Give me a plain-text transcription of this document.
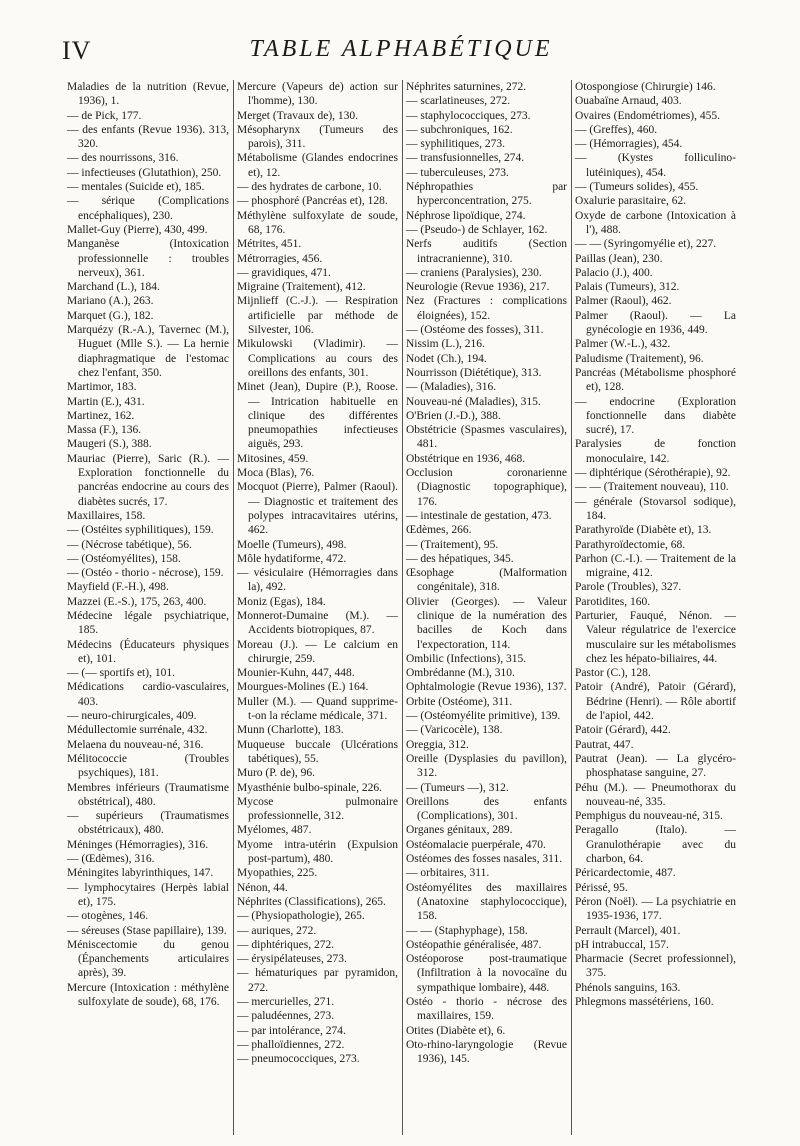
IV	TABLE ALPHABÉTIQUE

Maladies de la nutrition (Revue, 1936), 1.

— de Pick, 177.

— des enfants (Revue 1936). 313, 320.

— des nourrissons, 316.

— infectieuses (Glutathion), 250.

— mentales (Suicide et), 185.

— sérique (Complications encéphaliques), 230.

Mallet-Guy (Pierre), 430, 499.

Manganèse (Intoxication professionnelle : troubles nerveux), 361.

Marchand (L.), 184.

Mariano (A.), 263.

Marquet (G.), 182.

Marquézy (R.-A.), Tavernec (M.), Huguet (Mlle S.). — La hernie diaphragmatique de l'estomac chez l'enfant, 350.

Martimor, 183.

Martin (E.), 431.

Martinez, 162.

Massa (F.), 136.

Maugeri (S.), 388.

Mauriac (Pierre), Saric (R.). — Exploration fonctionnelle du pancréas endocrine au cours des diabètes sucrés, 17.

Maxillaires, 158.

— (Ostéites syphilitiques), 159.

— (Nécrose tabétique), 56.

— (Ostéomyélites), 158.

— (Ostéo - thorio - nécrose), 159.

Mayfield (F.-H.), 498.

Mazzei (E.-S.), 175, 263, 400.

Médecine légale psychiatrique, 185.

Médecins (Éducateurs physiques et), 101.

— (— sportifs et), 101.

Médications cardio-vasculaires, 403.

— neuro-chirurgicales, 409.

Médullectomie surrénale, 432.

Melaena du nouveau-né, 316.

Mélitococcie (Troubles psychiques), 181.

Membres inférieurs (Traumatisme obstétrical), 480.

— supérieurs (Traumatismes obstétricaux), 480.

Méninges (Hémorragies), 316.

— (Œdèmes), 316.

Méningites labyrinthiques, 147.

— lymphocytaires (Herpès labial et), 175.

— otogènes, 146.

— séreuses (Stase papillaire), 139.

Méniscectomie du genou (Épanchements articulaires après), 39.

Mercure (Intoxication : méthylène sulfoxylate de soude), 68, 176.

Mercure (Vapeurs de) action sur l'homme), 130.

Merget (Travaux de), 130.

Mésopharynx (Tumeurs des parois), 311.

Métabolisme (Glandes endocrines et), 12.

— des hydrates de carbone, 10.

— phosphoré (Pancréas et), 128.

Méthylène sulfoxylate de soude, 68, 176.

Métrites, 451.

Métrorragies, 456.

— gravidiques, 471.

Migraine (Traitement), 412.

Mijnlieff (C.-J.). — Respiration artificielle par méthode de Silvester, 106.

Mikulowski (Vladimir). — Complications au cours des oreillons des enfants, 301.

Minet (Jean), Dupire (P.), Roose. — Intrication habituelle en clinique des différentes pneumopathies infectieuses aiguës, 293.

Mitosines, 459.

Moca (Blas), 76.

Mocquot (Pierre), Palmer (Raoul). — Diagnostic et traitement des polypes intracavitaires utérins, 462.

Moelle (Tumeurs), 498.

Môle hydatiforme, 472.

— vésiculaire (Hémorragies dans la), 492.

Moniz (Egas), 184.

Monnerot-Dumaine (M.). — Accidents biotropiques, 87.

Moreau (J.). — Le calcium en chirurgie, 259.

Mounier-Kuhn, 447, 448.

Mourgues-Molines (E.) 164.

Muller (M.). — Quand supprime-t-on la réclame médicale, 371.

Munn (Charlotte), 183.

Muqueuse buccale (Ulcérations tabétiques), 55.

Muro (P. de), 96.

Myasthénie bulbo-spinale, 226.

Mycose pulmonaire professionnelle, 312.

Myélomes, 487.

Myome intra-utérin (Expulsion post-partum), 480.

Myopathies, 225.

Nénon, 44.

Néphrites (Classifications), 265.

— (Physiopathologie), 265.

— auriques, 272.

— diphtériques, 272.

— érysipélateuses, 273.

— hématuriques par pyramidon, 272.

— mercurielles, 271.

— paludéennes, 273.

— par intolérance, 274.

— phalloïdiennes, 272.

— pneumococciques, 273.

Néphrites saturnines, 272.

— scarlatineuses, 272.

— staphylococciques, 273.

— subchroniques, 162.

— syphilitiques, 273.

— transfusionnelles, 274.

— tuberculeuses, 273.

Néphropathies par hyperconcentration, 275.

Néphrose lipoïdique, 274.

— (Pseudo-) de Schlayer, 162.

Nerfs auditifs (Section intracranienne), 310.

— craniens (Paralysies), 230.

Neurologie (Revue 1936), 217.

Nez (Fractures : complications éloignées), 152.

— (Ostéome des fosses), 311.

Nissim (L.), 216.

Nodet (Ch.), 194.

Nourrisson (Diététique), 313.

— (Maladies), 316.

Nouveau-né (Maladies), 315.

O'Brien (J.-D.), 388.

Obstétricie (Spasmes vasculaires), 481.

Obstétrique en 1936, 468.

Occlusion coronarienne (Diagnostic topographique), 176.

— intestinale de gestation, 473.

Œdèmes, 266.

— (Traitement), 95.

— des hépatiques, 345.

Œsophage (Malformation congénitale), 318.

Olivier (Georges). — Valeur clinique de la numération des bacilles de Koch dans l'expectoration, 114.

Ombilic (Infections), 315.

Ombrédanne (M.), 310.

Ophtalmologie (Revue 1936), 137.

Orbite (Ostéome), 311.

— (Ostéomyélite primitive), 139.

— (Varicocèle), 138.

Oreggia, 312.

Oreille (Dysplasies du pavillon), 312.

— (Tumeurs —), 312.

Oreillons des enfants (Complications), 301.

Organes génitaux, 289.

Ostéomalacie puerpérale, 470.

Ostéomes des fosses nasales, 311.

— orbitaires, 311.

Ostéomyélites des maxillaires (Anatoxine staphylococcique), 158.

— — (Staphyphage), 158.

Ostéopathie généralisée, 487.

Ostéoporose post-traumatique (Infiltration à la novocaïne du sympathique lombaire), 448.

Ostéo - thorio - nécrose des maxillaires, 159.

Otites (Diabète et), 6.

Oto-rhino-laryngologie (Revue 1936), 145.

Otospongiose (Chirurgie) 146.

Ouabaïne Arnaud, 403.

Ovaires (Endométriomes), 455.

— (Greffes), 460.

— (Hémorragies), 454.

— (Kystes folliculino-lutéiniques), 454.

— (Tumeurs solides), 455.

Oxalurie parasitaire, 62.

Oxyde de carbone (Intoxication à l'), 488.

— — (Syringomyélie et), 227.

Paillas (Jean), 230.

Palacio (J.), 400.

Palais (Tumeurs), 312.

Palmer (Raoul), 462.

Palmer (Raoul). — La gynécologie en 1936, 449.

Palmer (W.-L.), 432.

Paludisme (Traitement), 96.

Pancréas (Métabolisme phosphoré et), 128.

— endocrine (Exploration fonctionnelle dans diabète sucré), 17.

Paralysies de fonction monoculaire, 142.

— diphtérique (Sérothérapie), 92.

— — (Traitement nouveau), 110.

— générale (Stovarsol sodique), 184.

Parathyroïde (Diabète et), 13.

Parathyroïdectomie, 68.

Parhon (C.-I.). — Traitement de la migraine, 412.

Parole (Troubles), 327.

Parotidites, 160.

Parturier, Fauqué, Nénon. — Valeur régulatrice de l'exercice musculaire sur les métabolismes chez les hépato-biliaires, 44.

Pastor (C.), 128.

Patoir (André), Patoir (Gérard), Bédrine (Henri). — Rôle abortif de l'apiol, 442.

Patoir (Gérard), 442.

Pautrat, 447.

Pautrat (Jean). — La glycéro-phosphatase sanguine, 27.

Péhu (M.). — Pneumothorax du nouveau-né, 335.

Pemphigus du nouveau-né, 315.

Peragallo (Italo). — Granulothérapie avec du charbon, 64.

Péricardectomie, 487.

Périssé, 95.

Péron (Noël). — La psychiatrie en 1935-1936, 177.

Perrault (Marcel), 401.

pH intrabuccal, 157.

Pharmacie (Secret professionnel), 375.

Phénols sanguins, 163.

Phlegmons massétériens, 160.
